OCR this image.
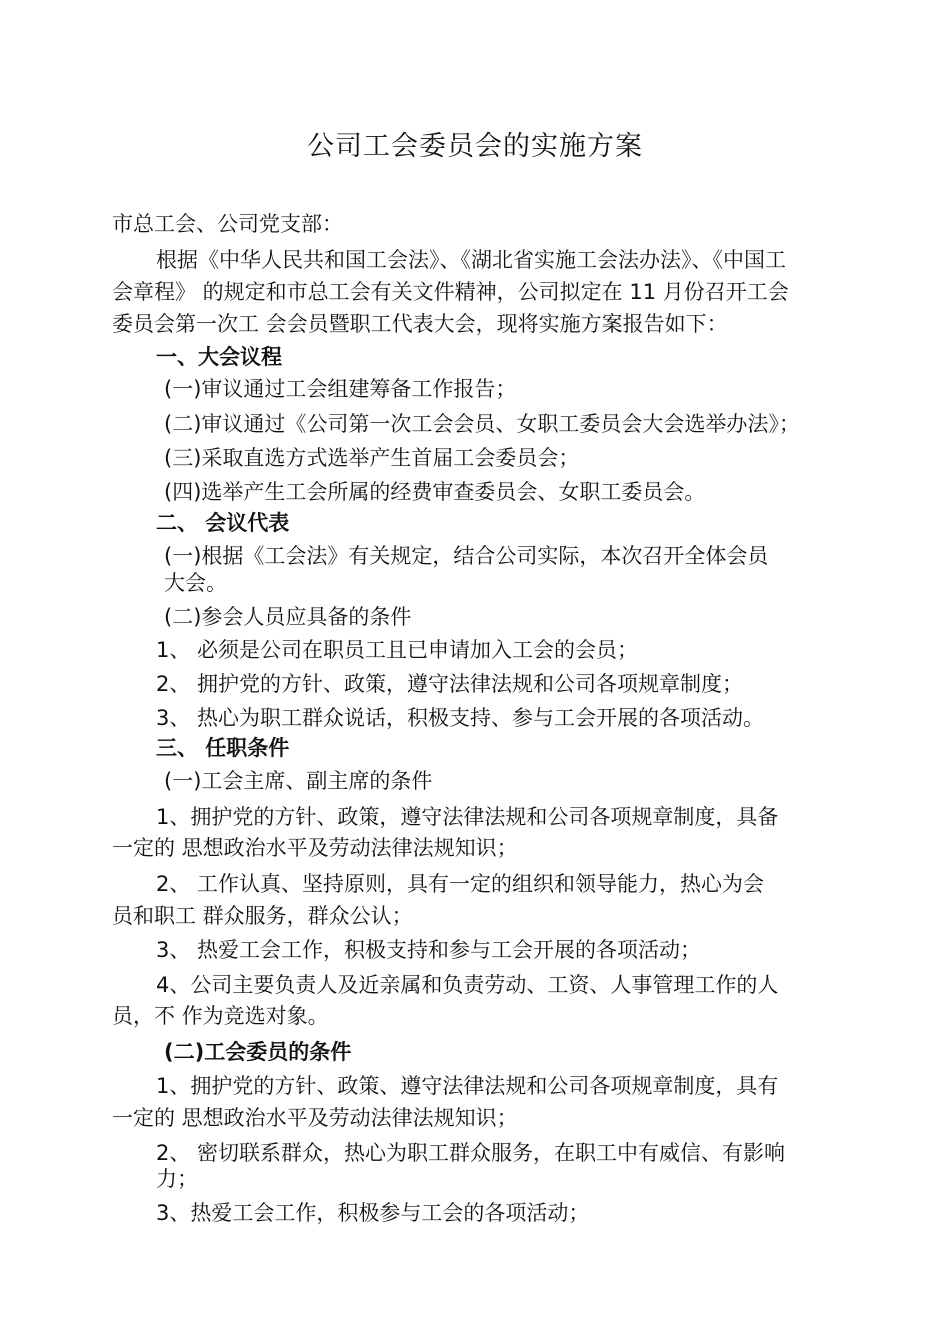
公司工会委员会的实施方案
市总工会、公司党支部：
根据《中华人民共和国工会法》、《湖北省实施工会法办法》、《中国工
会章程》 的规定和市总工会有关文件精神，公司拟定在 11 月份召开工会
委员会第一次工 会会员暨职工代表大会，现将实施方案报告如下：
一、大会议程
(一)审议通过工会组建筹备工作报告；
(二)审议通过《公司第一次工会会员、女职工委员会大会选举办法》；
(三)采取直选方式选举产生首届工会委员会；
(四)选举产生工会所属的经费审查委员会、女职工委员会。
二、 会议代表
(一)根据《工会法》有关规定，结合公司实际，本次召开全体会员
大会。
(二)参会人员应具备的条件
1、 必须是公司在职员工且已申请加入工会的会员；
2、 拥护党的方针、政策，遵守法律法规和公司各项规章制度；
3、 热心为职工群众说话，积极支持、参与工会开展的各项活动。
三、 任职条件
(一)工会主席、副主席的条件
1、拥护党的方针、政策，遵守法律法规和公司各项规章制度，具备
一定的 思想政治水平及劳动法律法规知识；
2、 工作认真、坚持原则，具有一定的组织和领导能力，热心为会
员和职工 群众服务，群众公认；
3、 热爱工会工作，积极支持和参与工会开展的各项活动；
4、公司主要负责人及近亲属和负责劳动、工资、人事管理工作的人
员，不 作为竞选对象。
(二)工会委员的条件
1、拥护党的方针、政策、遵守法律法规和公司各项规章制度，具有
一定的 思想政治水平及劳动法律法规知识；
2、 密切联系群众，热心为职工群众服务，在职工中有威信、有影响
力；
3、热爱工会工作，积极参与工会的各项活动；
